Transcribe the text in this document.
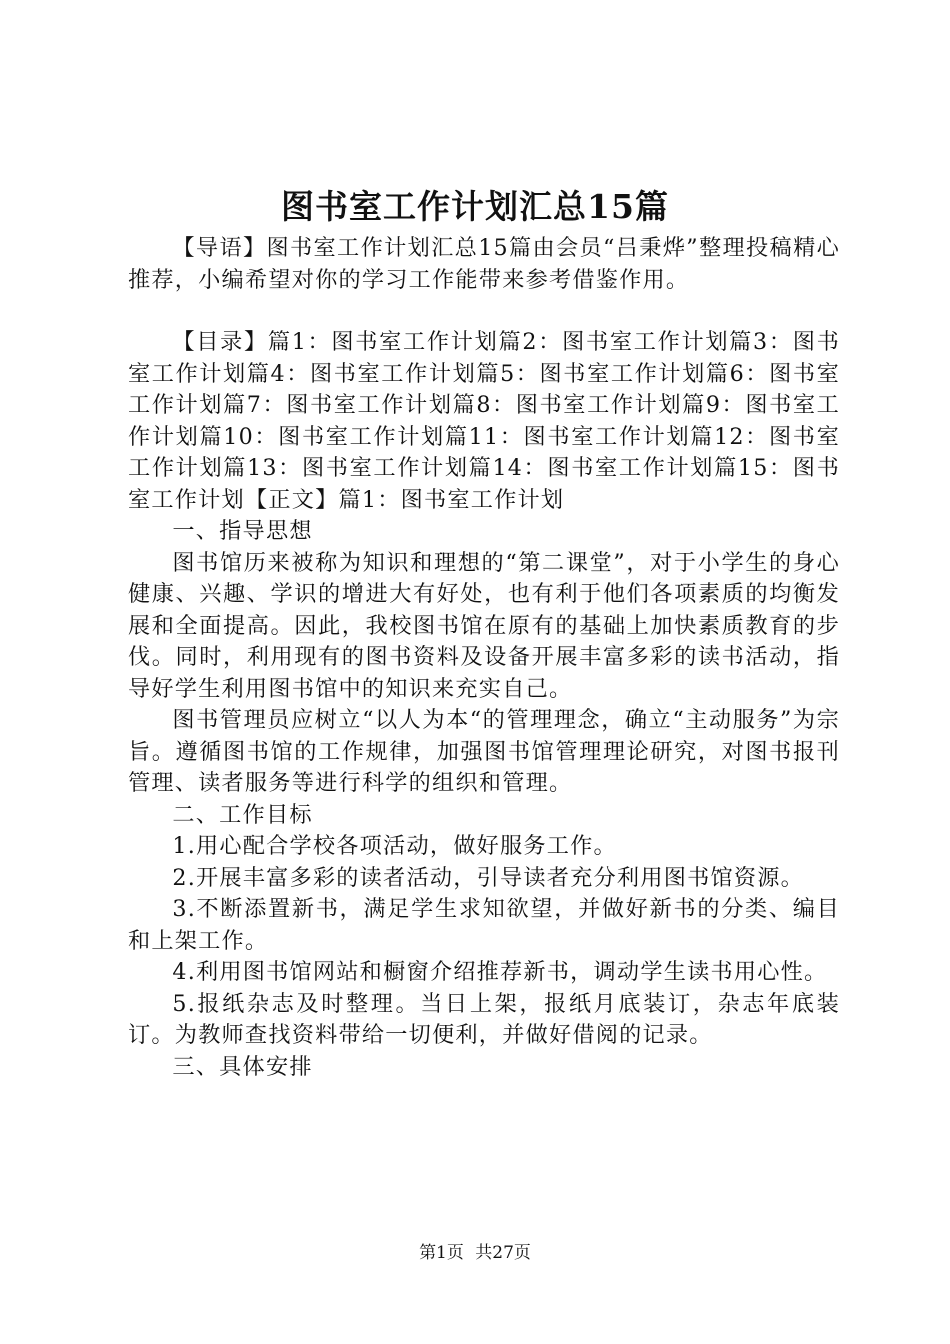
图书室工作计划汇总15篇

【导语】图书室工作计划汇总15篇由会员“吕秉烨”整理投稿精心推荐，小编希望对你的学习工作能带来参考借鉴作用。

【目录】篇1：图书室工作计划篇2：图书室工作计划篇3：图书室工作计划篇4：图书室工作计划篇5：图书室工作计划篇6：图书室工作计划篇7：图书室工作计划篇8：图书室工作计划篇9：图书室工作计划篇10：图书室工作计划篇11：图书室工作计划篇12：图书室工作计划篇13：图书室工作计划篇14：图书室工作计划篇15：图书室工作计划【正文】篇1：图书室工作计划

一、指导思想

图书馆历来被称为知识和理想的“第二课堂”，对于小学生的身心健康、兴趣、学识的增进大有好处，也有利于他们各项素质的均衡发展和全面提高。因此，我校图书馆在原有的基础上加快素质教育的步伐。同时，利用现有的图书资料及设备开展丰富多彩的读书活动，指导好学生利用图书馆中的知识来充实自己。

图书管理员应树立“以人为本“的管理理念，确立“主动服务”为宗旨。遵循图书馆的工作规律，加强图书馆管理理论研究，对图书报刊管理、读者服务等进行科学的组织和管理。

二、工作目标

1.用心配合学校各项活动，做好服务工作。

2.开展丰富多彩的读者活动，引导读者充分利用图书馆资源。

3.不断添置新书，满足学生求知欲望，并做好新书的分类、编目和上架工作。

4.利用图书馆网站和橱窗介绍推荐新书，调动学生读书用心性。

5.报纸杂志及时整理。当日上架，报纸月底装订，杂志年底装订。为教师查找资料带给一切便利，并做好借阅的记录。

三、具体安排

第1页 共27页
